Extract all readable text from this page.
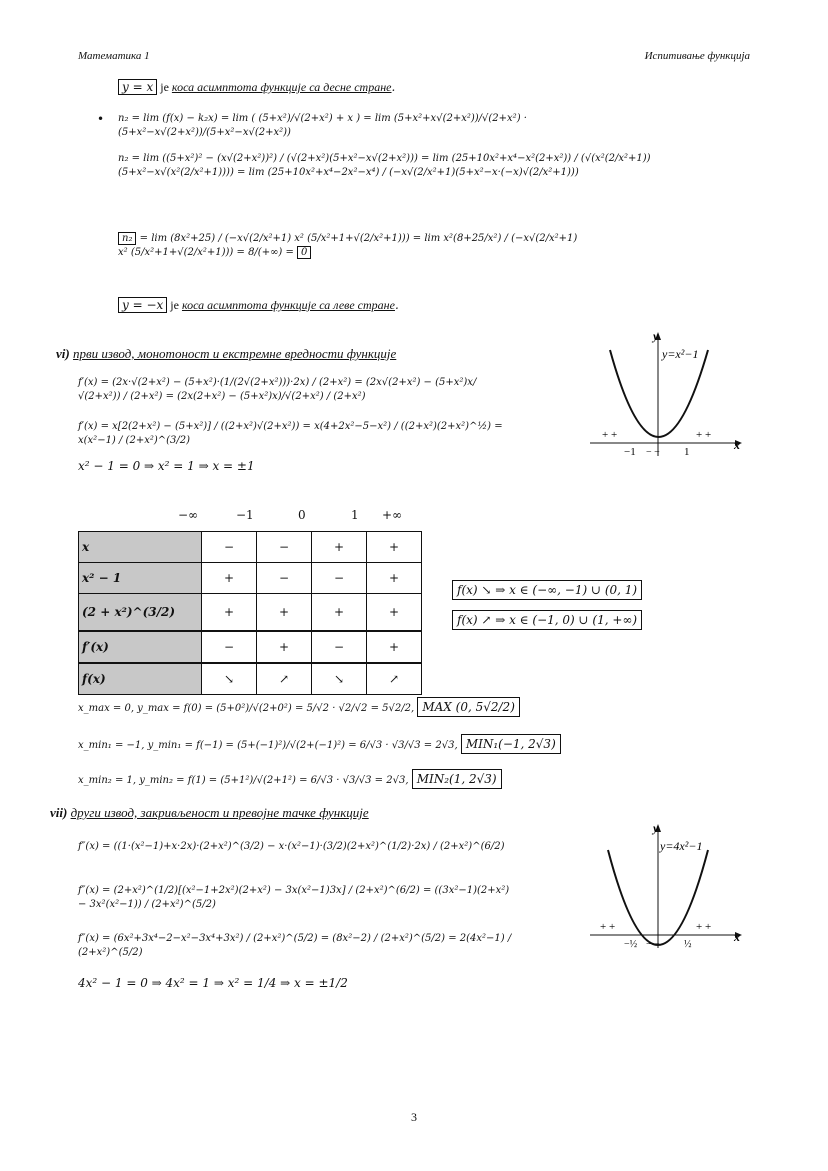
Математика 1	Испитивање функција
y = x је коса асимптота функције са десне стране.
• n₂ = lim (f(x) − k₂x) = lim ( (5+x²)/√(2+x²) + x ) = lim (5+x²+x√(2+x²))/√(2+x²) · (5+x²−x√(2+x²))/(5+x²−x√(2+x²))
n₂ = lim ((5+x²)² − (x√(2+x²))²) / (√(2+x²)(5+x²−x√(2+x²))) = lim (25+10x²+x⁴−x²(2+x²)) / (√(x²(2/x²+1))(5+x²−x√(x²(2/x²+1)))) = lim (25+10x²+x⁴−2x²−x⁴) / (−x√(2/x²+1)(5+x²−x·(−x)√(2/x²+1)))
n₂ = lim (8x²+25) / (−x√(2/x²+1) x² (5/x²+1+√(2/x²+1))) = lim x²(8+25/x²) / (−x√(2/x²+1) x² (5/x²+1+√(2/x²+1))) = 8/(+∞) = 0
y = −x је коса асимптота функције са леве стране.
vi) први извод, монотоност и екстремне вредности функције
f′(x) = (2x·√(2+x²) − (5+x²)·(1/(2√(2+x²)))·2x) / (2+x²) = (2x√(2+x²) − (5+x²)x/√(2+x²)) / (2+x²) = (2x(2+x²) − (5+x²)x)/√(2+x²) / (2+x²)
f′(x) = x[2(2+x²) − (5+x²)] / ((2+x²)√(2+x²)) = x(4+2x²−5−x²) / ((2+x²)(2+x²)^½) = x(x²−1) / (2+x²)^(3/2)
x² − 1 = 0 ⇒ x² = 1 ⇒ x = ±1
y
x
y=x²−1
−1	1
+ +	+ +
− −
−∞	−1	0	1 +∞
x	−	−	+	+
x² − 1	+	−	−	+
(2 + x²)^(3/2)	+	+	+	+
f′(x)	−	+	−	+
f(x)	↘	↗	↘	↗
f(x) ↘ ⇒ x ∈ (−∞, −1) ∪ (0, 1)
f(x) ↗ ⇒ x ∈ (−1, 0) ∪ (1, +∞)
x_max = 0, y_max = f(0) = (5+0²)/√(2+0²) = 5/√2 · √2/√2 = 5√2/2, MAX (0, 5√2/2)
x_min₁ = −1, y_min₁ = f(−1) = (5+(−1)²)/√(2+(−1)²) = 6/√3 · √3/√3 = 2√3, MIN₁(−1, 2√3)
x_min₂ = 1, y_min₂ = f(1) = (5+1²)/√(2+1²) = 6/√3 · √3/√3 = 2√3, MIN₂(1, 2√3)
vii) други извод, закривљеност и превојне тачке функције
f″(x) = ((1·(x²−1)+x·2x)·(2+x²)^(3/2) − x·(x²−1)·(3/2)(2+x²)^(1/2)·2x) / (2+x²)^(6/2)
f″(x) = (2+x²)^(1/2)[(x²−1+2x²)(2+x²) − 3x(x²−1)3x] / (2+x²)^(6/2) = ((3x²−1)(2+x²) − 3x²(x²−1)) / (2+x²)^(5/2)
f″(x) = (6x²+3x⁴−2−x²−3x⁴+3x²) / (2+x²)^(5/2) = (8x²−2) / (2+x²)^(5/2) = 2(4x²−1) / (2+x²)^(5/2)
4x² − 1 = 0 ⇒ 4x² = 1 ⇒ x² = 1/4 ⇒ x = ±1/2
y
x
y=4x²−1
−½	½
+ +	+ +
− −
3
